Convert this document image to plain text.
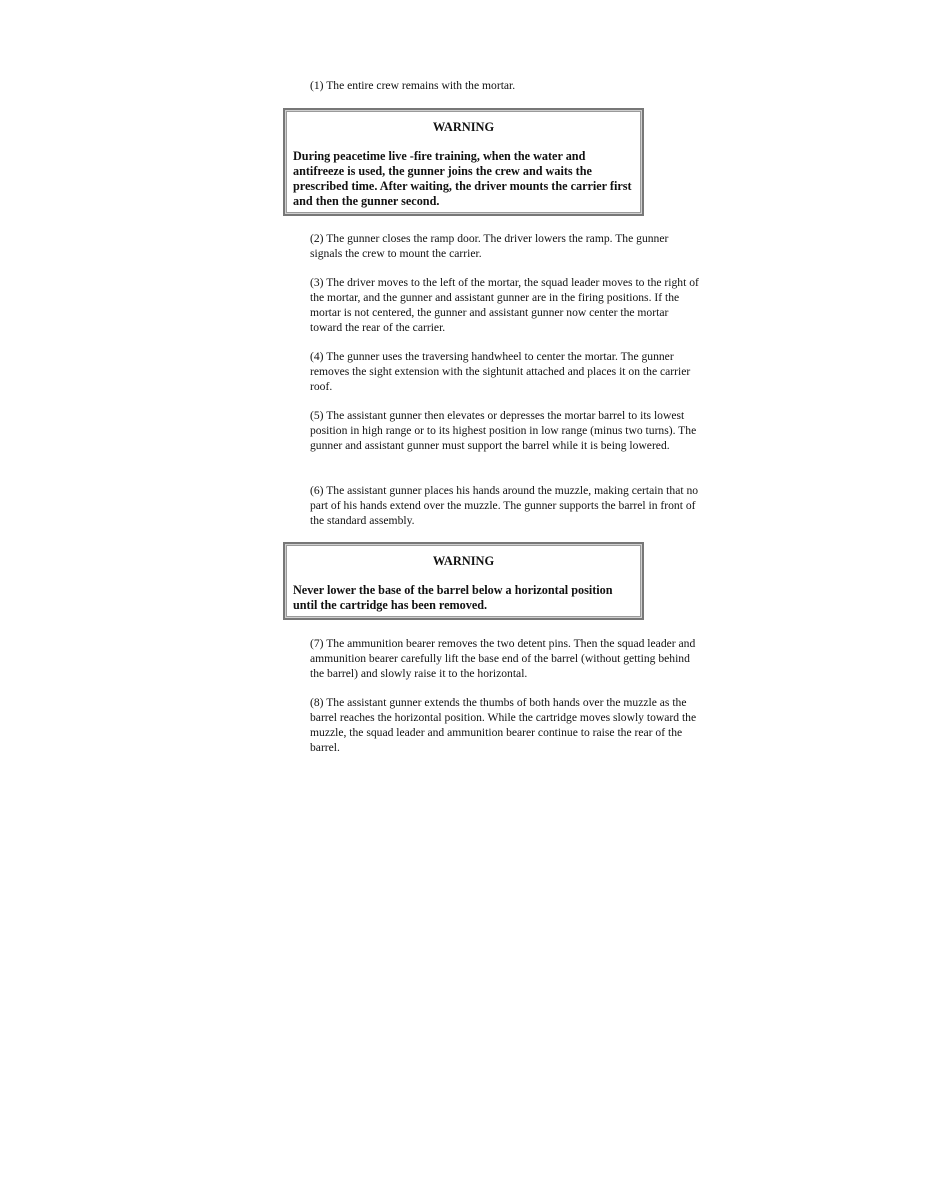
(1) The entire crew remains with the mortar.

WARNING

During peacetime live -fire training, when the water and antifreeze is used, the gunner joins the crew and waits the prescribed time. After waiting, the driver mounts the carrier first and then the gunner second.

(2) The gunner closes the ramp door. The driver lowers the ramp. The gunner signals the crew to mount the carrier.

(3) The driver moves to the left of the mortar, the squad leader moves to the right of the mortar, and the gunner and assistant gunner are in the firing positions. If the mortar is not centered, the gunner and assistant gunner now center the mortar toward the rear of the carrier.

(4) The gunner uses the traversing handwheel to center the mortar. The gunner removes the sight extension with the sightunit attached and places it on the carrier roof.

(5) The assistant gunner then elevates or depresses the mortar barrel to its lowest position in high range or to its highest position in low range (minus two turns). The gunner and assistant gunner must support the barrel while it is being lowered.

(6) The assistant gunner places his hands around the muzzle, making certain that no part of his hands extend over the muzzle. The gunner supports the barrel in front of the standard assembly.

WARNING

Never lower the base of the barrel below a horizontal position until the cartridge has been removed.

(7) The ammunition bearer removes the two detent pins. Then the squad leader and ammunition bearer carefully lift the base end of the barrel (without getting behind the barrel) and slowly raise it to the horizontal.

(8) The assistant gunner extends the thumbs of both hands over the muzzle as the barrel reaches the horizontal position. While the cartridge moves slowly toward the muzzle, the squad leader and ammunition bearer continue to raise the rear of the barrel.
